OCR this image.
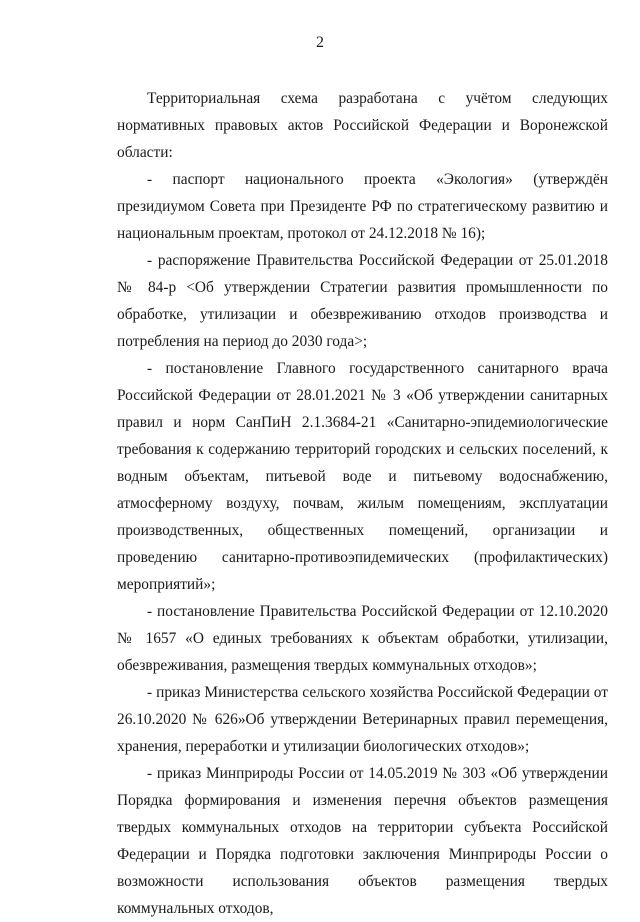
2

Территориальная схема разработана с учётом следующих нормативных правовых актов Российской Федерации и Воронежской области:

- паспорт национального проекта «Экология» (утверждён президиумом Совета при Президенте РФ по стратегическому развитию и национальным проектам, протокол от 24.12.2018 № 16);

- распоряжение Правительства Российской Федерации от 25.01.2018 № 84-р <Об утверждении Стратегии развития промышленности по обработке, утилизации и обезвреживанию отходов производства и потребления на период до 2030 года>;

- постановление Главного государственного санитарного врача Российской Федерации от 28.01.2021 № 3 «Об утверждении санитарных правил и норм СанПиН 2.1.3684-21 «Санитарно-эпидемиологические требования к содержанию территорий городских и сельских поселений, к водным объектам, питьевой воде и питьевому водоснабжению, атмосферному воздуху, почвам, жилым помещениям, эксплуатации производственных, общественных помещений, организации и проведению санитарно-противоэпидемических (профилактических) мероприятий»;

- постановление Правительства Российской Федерации от 12.10.2020 № 1657 «О единых требованиях к объектам обработки, утилизации, обезвреживания, размещения твердых коммунальных отходов»;

- приказ Министерства сельского хозяйства Российской Федерации от 26.10.2020 № 626»Об утверждении Ветеринарных правил перемещения, хранения, переработки и утилизации биологических отходов»;

- приказ Минприроды России от 14.05.2019 № 303 «Об утверждении Порядка формирования и изменения перечня объектов размещения твердых коммунальных отходов на территории субъекта Российской Федерации и Порядка подготовки заключения Минприроды России о возможности использования объектов размещения твердых коммунальных отходов,
